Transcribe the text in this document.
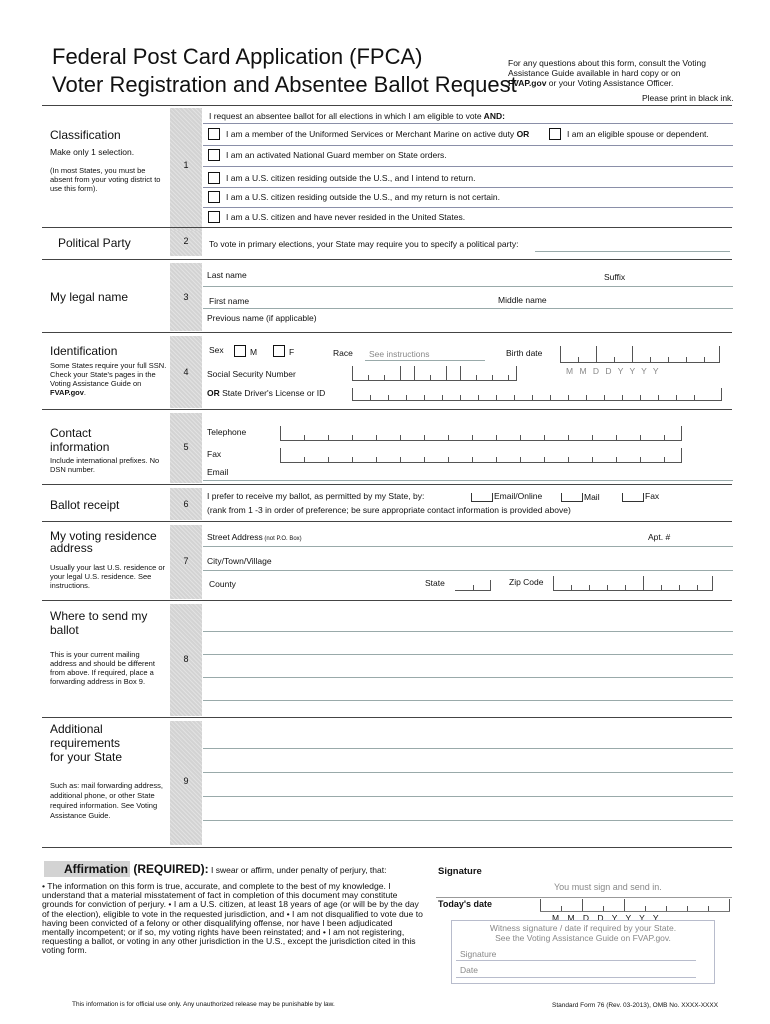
Federal Post Card Application (FPCA)
Voter Registration and Absentee Ballot Request
For any questions about this form, consult the Voting
Assistance Guide available in hard copy or on
FVAP.gov or your Voting Assistance Officer.
Please print in black ink.
Classification
Make only 1 selection.
(In most States, you must be absent from your voting district to use this form).
1
I request an absentee ballot for all elections in which I am eligible to vote AND:
I am a member of the Uniformed Services or Merchant Marine on active duty OR	I am an eligible spouse or dependent.
I am an activated National Guard member on State orders.
I am a U.S. citizen residing outside the U.S., and I intend to return.
I am a U.S. citizen residing outside the U.S., and my return is not certain.
I am a U.S. citizen and have never resided in the United States.
Political Party	2	To vote in primary elections, your State may require you to specify a political party:
My legal name	3
Last name	Suffix
First name	Middle name
Previous name (if applicable)
Identification
Some States require your full SSN. Check your State's pages in the Voting Assistance Guide on FVAP.gov.
4
Sex	M	F	Race See instructions	Birth date
M M D D Y Y Y Y
Social Security Number
OR State Driver's License or ID
Contact
information
Include international prefixes. No DSN number.
5
Telephone
Fax
Email
Ballot receipt	6
I prefer to receive my ballot, as permitted by my State, by:	Email/Online	Mail	Fax
(rank from 1 -3 in order of preference; be sure appropriate contact information is provided above)
My voting residence
address
Usually your last U.S. residence or your legal U.S. residence. See instructions.
7
Street Address (not P.O. Box)	Apt. #
City/Town/Village
County	State	Zip Code
Where to send my
ballot
This is your current mailing address and should be different from above. If required, place a forwarding address in Box 9.
8
Additional
requirements
for your State
Such as: mail forwarding address, additional phone, or other State required information. See Voting Assistance Guide.
9
Affirmation (REQUIRED): I swear or affirm, under penalty of perjury, that:
• The information on this form is true, accurate, and complete to the best of my knowledge. I understand that a material misstatement of fact in completion of this document may constitute grounds for conviction of perjury. • I am a U.S. citizen, at least 18 years of age (or will be by the day of the election), eligible to vote in the requested jurisdiction, and • I am not disqualified to vote due to having been convicted of a felony or other disqualifying offense, nor have I been adjudicated mentally incompetent; or if so, my voting rights have been reinstated; and • I am not registering, requesting a ballot, or voting in any other jurisdiction in the U.S., except the jurisdiction cited in this voting form.
Signature
You must sign and send in.
Today's date
M M D D Y Y Y Y
Witness signature / date if required by your State.
See the Voting Assistance Guide on FVAP.gov.
Signature
Date
This information is for official use only. Any unauthorized release may be punishable by law.	Standard Form 76 (Rev. 03-2013), OMB No. XXXX-XXXX
